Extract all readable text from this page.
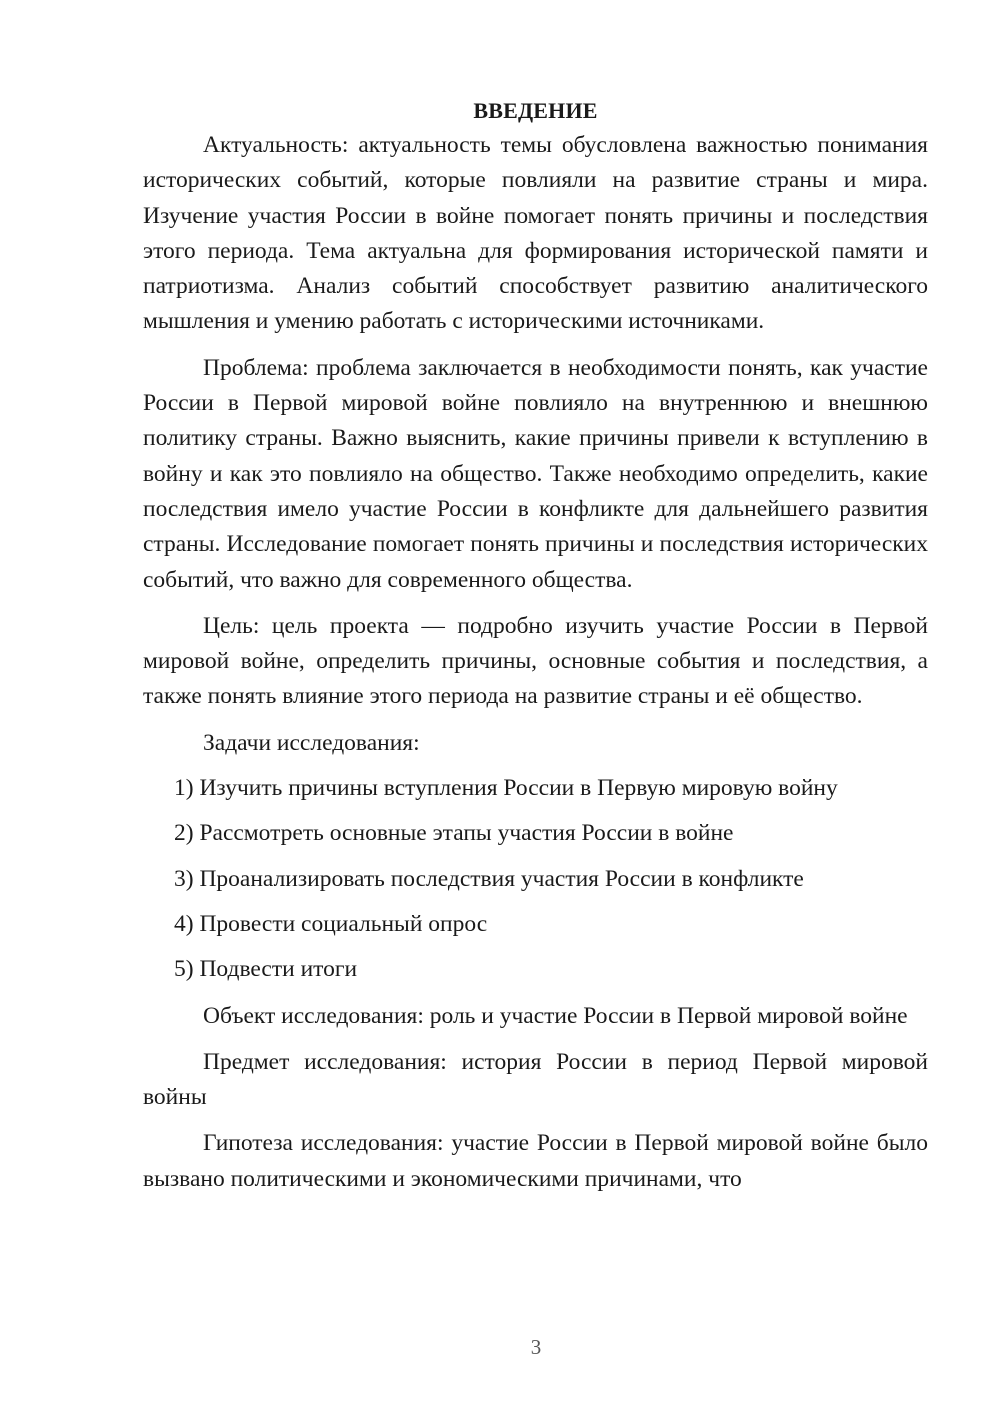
ВВЕДЕНИЕ

Актуальность: актуальность темы обусловлена важностью понимания исторических событий, которые повлияли на развитие страны и мира. Изучение участия России в войне помогает понять причины и последствия этого периода. Тема актуальна для формирования исторической памяти и патриотизма. Анализ событий способствует развитию аналитического мышления и умению работать с историческими источниками.

Проблема: проблема заключается в необходимости понять, как участие России в Первой мировой войне повлияло на внутреннюю и внешнюю политику страны. Важно выяснить, какие причины привели к вступлению в войну и как это повлияло на общество. Также необходимо определить, какие последствия имело участие России в конфликте для дальнейшего развития страны. Исследование помогает понять причины и последствия исторических событий, что важно для современного общества.

Цель: цель проекта — подробно изучить участие России в Первой мировой войне, определить причины, основные события и последствия, а также понять влияние этого периода на развитие страны и её общество.

Задачи исследования:

1) Изучить причины вступления России в Первую мировую войну
2) Рассмотреть основные этапы участия России в войне
3) Проанализировать последствия участия России в конфликте
4) Провести социальный опрос
5) Подвести итоги

Объект исследования: роль и участие России в Первой мировой войне

Предмет исследования: история России в период Первой мировой войны

Гипотеза исследования: участие России в Первой мировой войне было вызвано политическими и экономическими причинами, что

3
